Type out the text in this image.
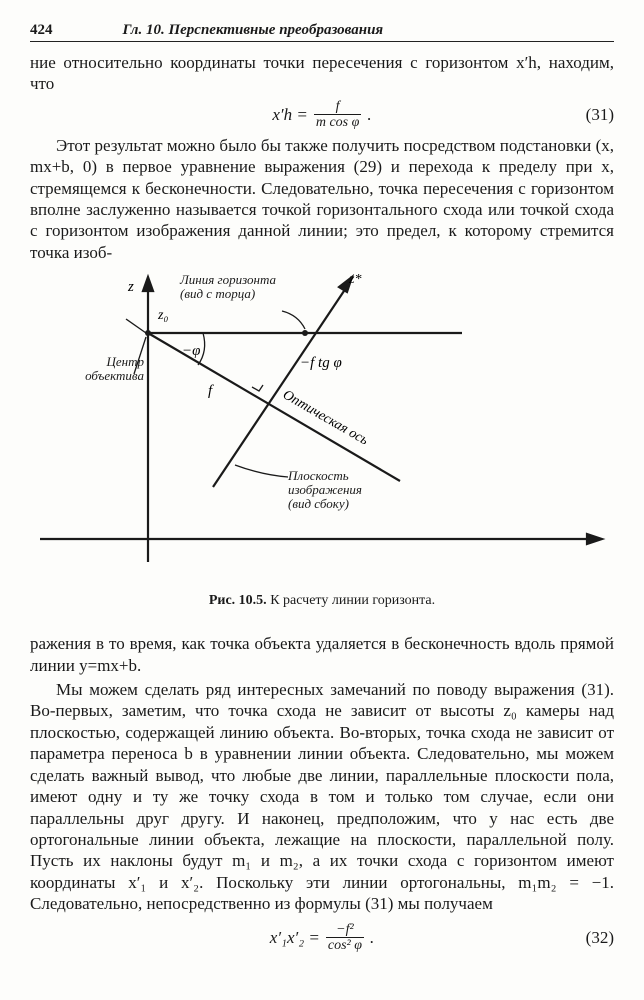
424	Гл. 10. Перспективные преобразования

ние относительно координаты точки пересечения с горизонтом x′h, находим, что

$x'h = \frac{f}{\text{m cos φ}}$ .	(31)

Этот результат можно было бы также получить посредством подстановки (x, mx+b, 0) в первое уравнение выражения (29) и перехода к пределу при x, стремящемся к бесконечности. Следовательно, точка пересечения с горизонтом вполне заслуженно называется точкой горизонтального схода или точкой схода с горизонтом изображения данной линии; это предел, к которому стремится точка изоб-

z
z₀
z*
−φ
f
−f tg φ
Оптическая ось
Линия горизонта
(вид с торца)
Центр
объектива
Плоскость
изображения
(вид сбоку)
Рис. 10.5. К расчету линии горизонта.

ражения в то время, как точка объекта удаляется в бесконечность вдоль прямой линии y=mx+b.

Мы можем сделать ряд интересных замечаний по поводу выражения (31). Во-первых, заметим, что точка схода не зависит от высоты z₀ камеры над плоскостью, содержащей линию объекта. Во-вторых, точка схода не зависит от параметра переноса b в уравнении линии объекта. Следовательно, мы можем сделать важный вывод, что любые две линии, параллельные плоскости пола, имеют одну и ту же точку схода в том и только том случае, если они параллельны друг другу. И наконец, предположим, что у нас есть две ортогональные линии объекта, лежащие на плоскости, параллельной полу. Пусть их наклоны будут m₁ и m₂, а их точки схода с горизонтом имеют координаты x′₁ и x′₂. Поскольку эти линии ортогональны, m₁m₂ = −1. Следовательно, непосредственно из формулы (31) мы получаем

$x'_1x'_2 = \frac{\text{−f²}}{\text{cos² φ}}$ .	(32)
